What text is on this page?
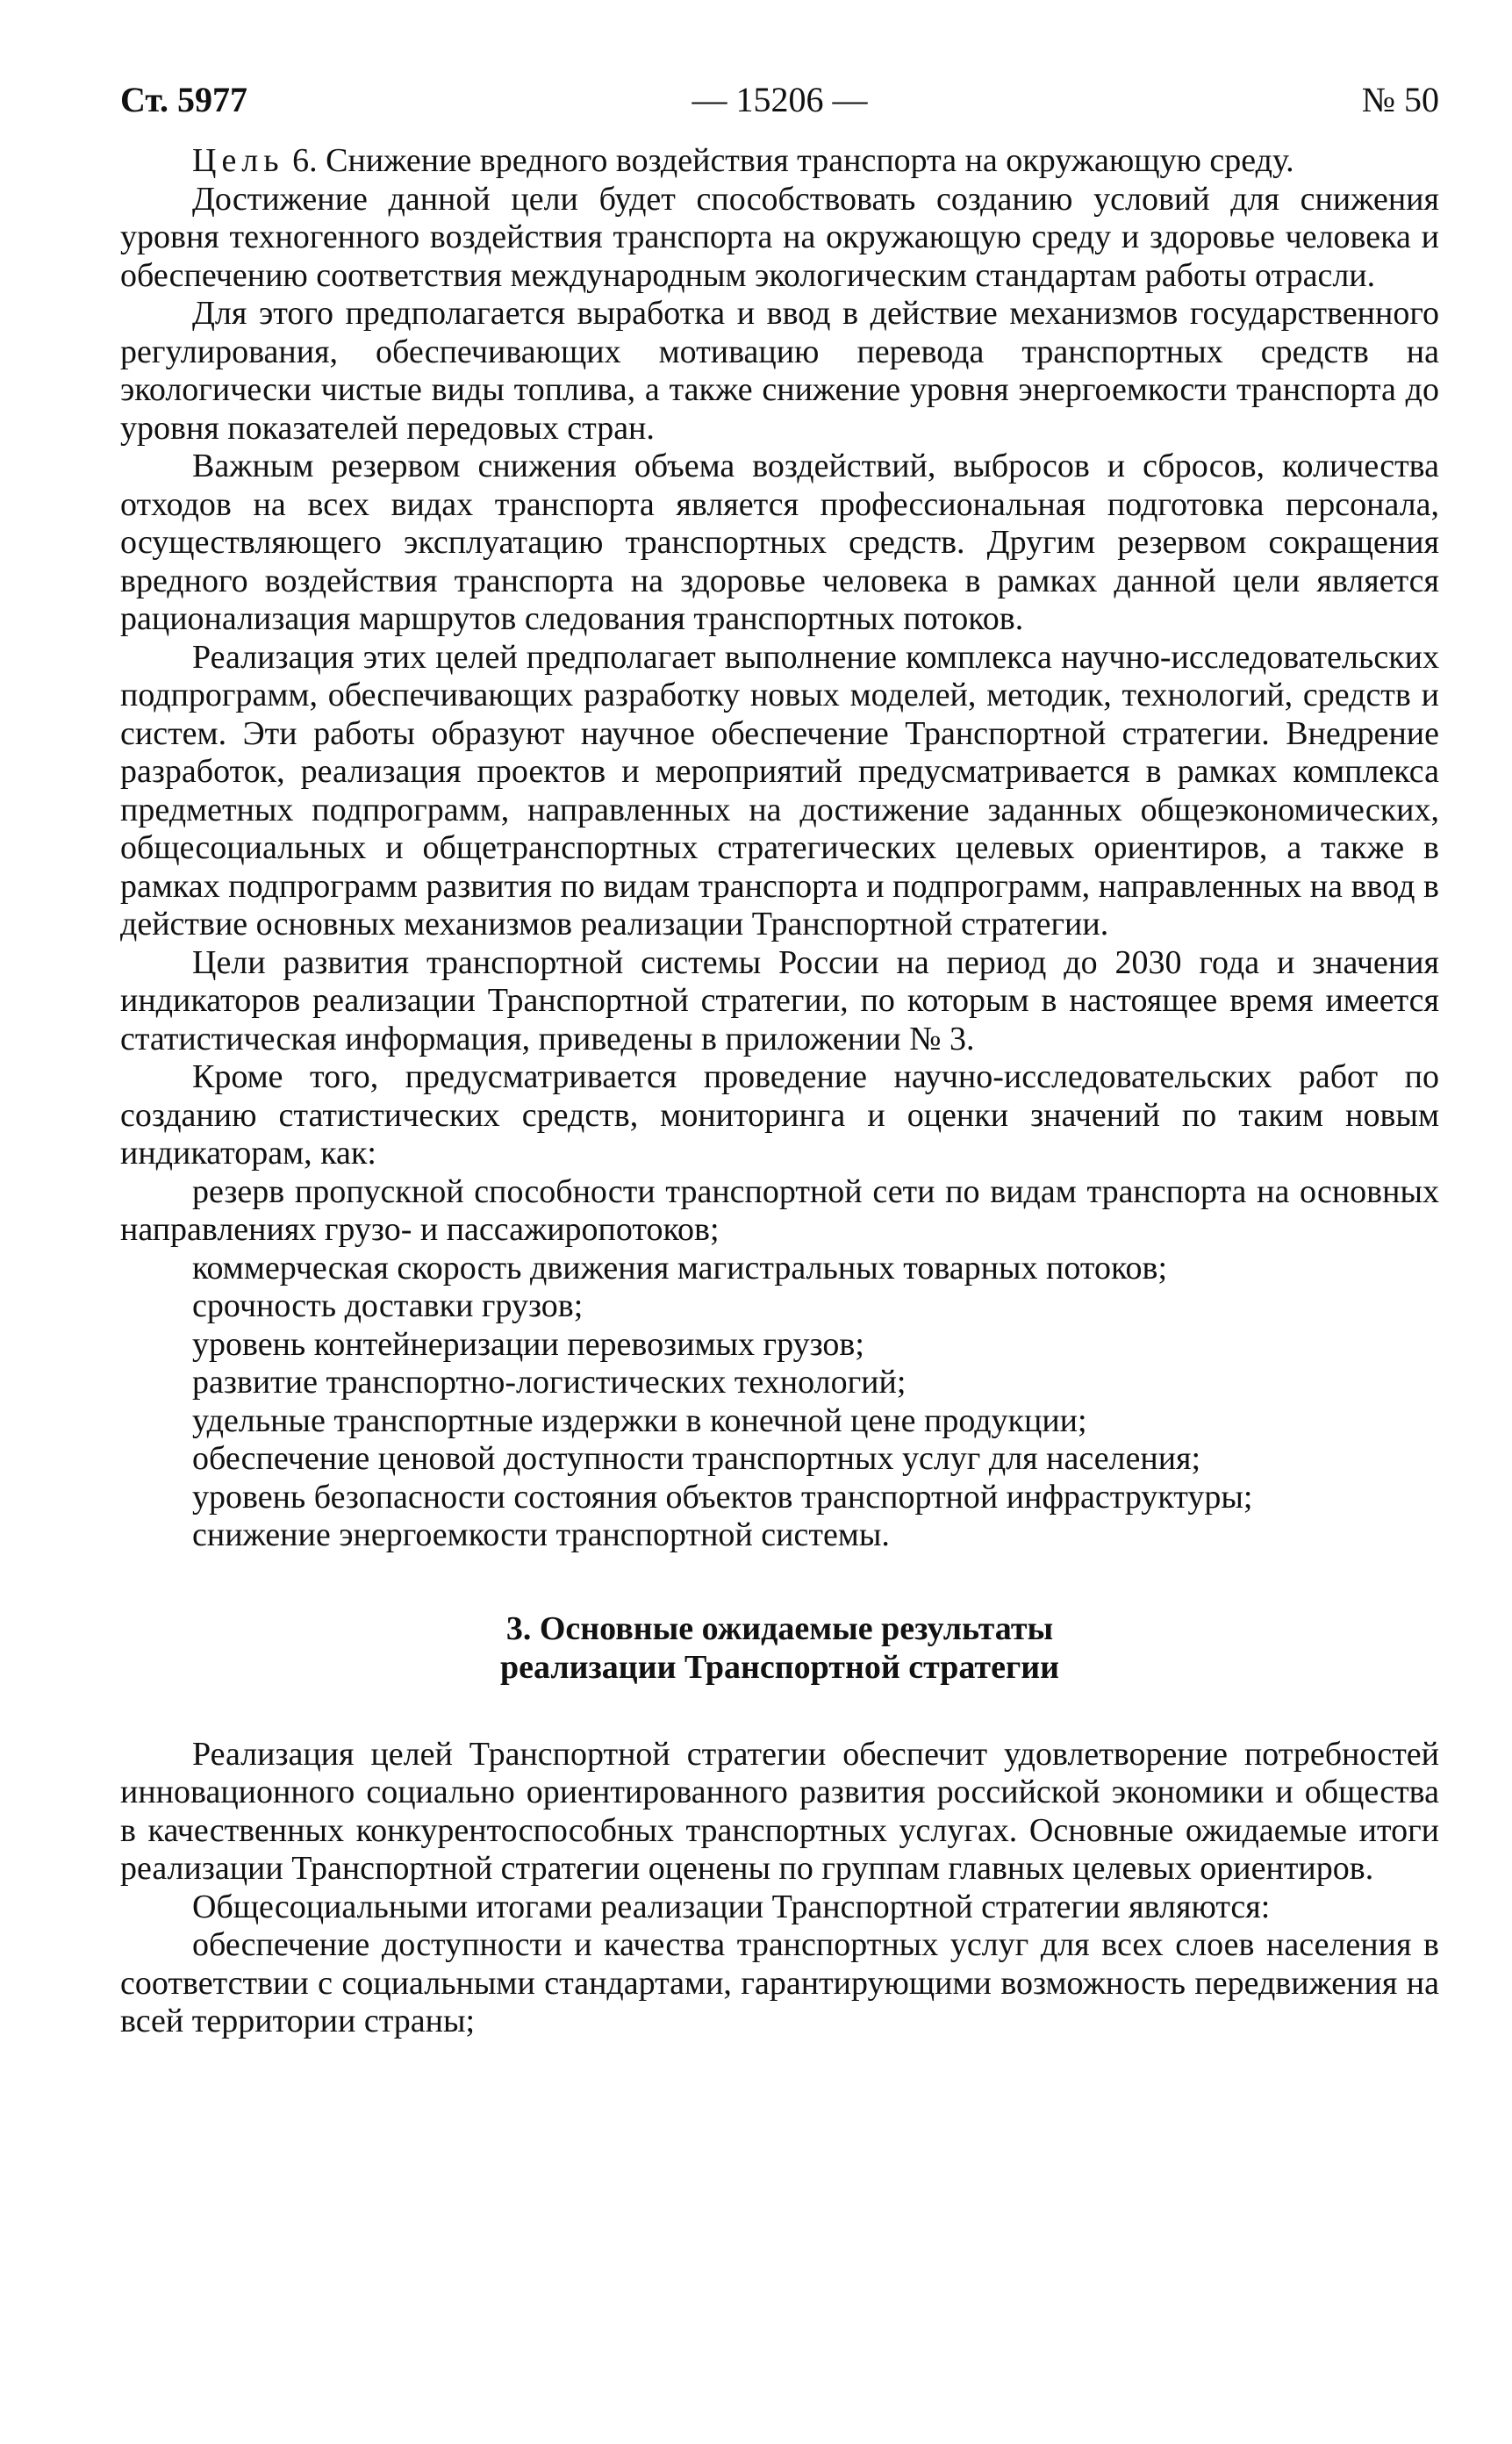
Ст. 5977	— 15206 —	№ 50

Цель 6. Снижение вредного воздействия транспорта на окружающую среду.

Достижение данной цели будет способствовать созданию условий для снижения уровня техногенного воздействия транспорта на окружающую среду и здоровье человека и обеспечению соответствия международным экологическим стандартам работы отрасли.

Для этого предполагается выработка и ввод в действие механизмов государственного регулирования, обеспечивающих мотивацию перевода транспортных средств на экологически чистые виды топлива, а также снижение уровня энергоемкости транспорта до уровня показателей передовых стран.

Важным резервом снижения объема воздействий, выбросов и сбросов, количества отходов на всех видах транспорта является профессиональная подготовка персонала, осуществляющего эксплуатацию транспортных средств. Другим резервом сокращения вредного воздействия транспорта на здоровье человека в рамках данной цели является рационализация маршрутов следования транспортных потоков.

Реализация этих целей предполагает выполнение комплекса научно-исследовательских подпрограмм, обеспечивающих разработку новых моделей, методик, технологий, средств и систем. Эти работы образуют научное обеспечение Транспортной стратегии. Внедрение разработок, реализация проектов и мероприятий предусматривается в рамках комплекса предметных подпрограмм, направленных на достижение заданных общеэкономических, общесоциальных и общетранспортных стратегических целевых ориентиров, а также в рамках подпрограмм развития по видам транспорта и подпрограмм, направленных на ввод в действие основных механизмов реализации Транспортной стратегии.

Цели развития транспортной системы России на период до 2030 года и значения индикаторов реализации Транспортной стратегии, по которым в настоящее время имеется статистическая информация, приведены в приложении № 3.

Кроме того, предусматривается проведение научно-исследовательских работ по созданию статистических средств, мониторинга и оценки значений по таким новым индикаторам, как:

резерв пропускной способности транспортной сети по видам транспорта на основных направлениях грузо- и пассажиропотоков;

коммерческая скорость движения магистральных товарных потоков;

срочность доставки грузов;

уровень контейнеризации перевозимых грузов;

развитие транспортно-логистических технологий;

удельные транспортные издержки в конечной цене продукции;

обеспечение ценовой доступности транспортных услуг для населения;

уровень безопасности состояния объектов транспортной инфраструктуры;

снижение энергоемкости транспортной системы.

3. Основные ожидаемые результаты
реализации Транспортной стратегии

Реализация целей Транспортной стратегии обеспечит удовлетворение потребностей инновационного социально ориентированного развития российской экономики и общества в качественных конкурентоспособных транспортных услугах. Основные ожидаемые итоги реализации Транспортной стратегии оценены по группам главных целевых ориентиров.

Общесоциальными итогами реализации Транспортной стратегии являются:

обеспечение доступности и качества транспортных услуг для всех слоев населения в соответствии с социальными стандартами, гарантирующими возможность передвижения на всей территории страны;
